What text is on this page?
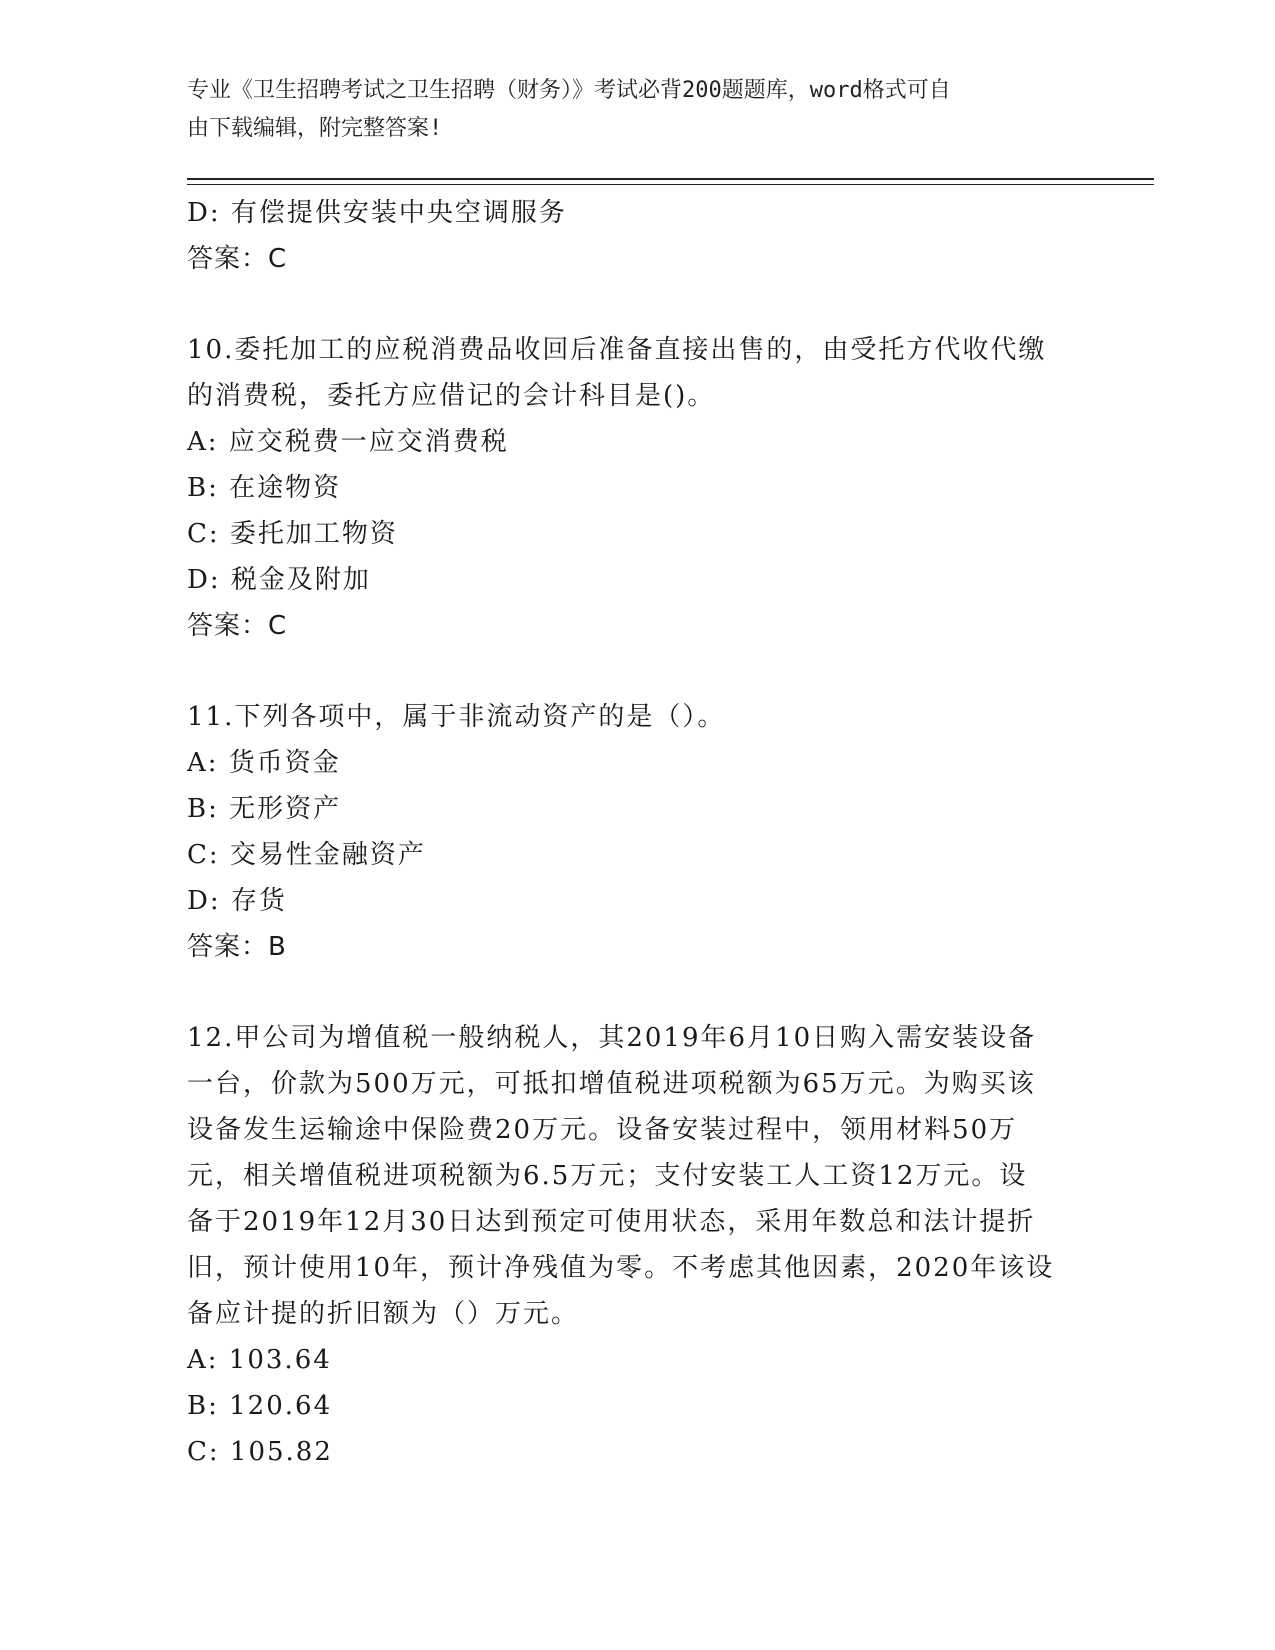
专业《卫生招聘考试之卫生招聘（财务）》考试必背200题题库，word格式可自
由下载编辑，附完整答案!
D: 有偿提供安装中央空调服务
答案：C
10.委托加工的应税消费品收回后准备直接出售的，由受托方代收代缴
的消费税，委托方应借记的会计科目是()。
A: 应交税费一应交消费税
B: 在途物资
C: 委托加工物资
D: 税金及附加
答案：C
11.下列各项中，属于非流动资产的是（）。
A: 货币资金
B: 无形资产
C: 交易性金融资产
D: 存货
答案：B
12.甲公司为增值税一般纳税人，其2019年6月10日购入需安装设备
一台，价款为500万元，可抵扣增值税进项税额为65万元。为购买该
设备发生运输途中保险费20万元。设备安装过程中，领用材料50万
元，相关增值税进项税额为6.5万元；支付安装工人工资12万元。设
备于2019年12月30日达到预定可使用状态，采用年数总和法计提折
旧，预计使用10年，预计净残值为零。不考虑其他因素，2020年该设
备应计提的折旧额为（）万元。
A: 103.64
B: 120.64
C: 105.82
